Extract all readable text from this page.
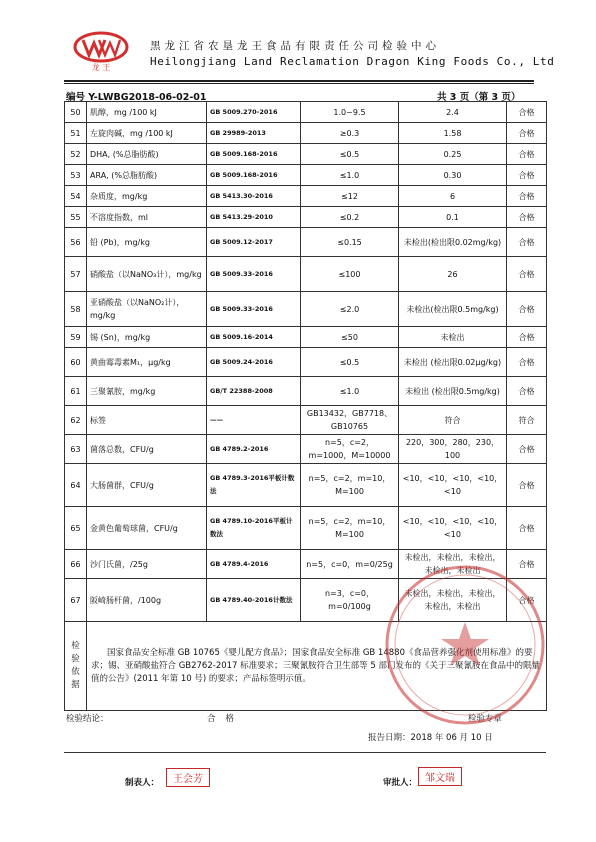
龙 王
黑龙江省农垦龙王食品有限责任公司检验中心
Heilongjiang Land Reclamation Dragon King Foods Co., Ltd
编号 Y-LWBG2018-06-02-01	共 3 页（第 3 页）
50	肌醇，mg /100 kJ	GB 5009.270-2016	1.0~9.5	2.4	合格
51	左旋肉碱，mg /100 kJ	GB 29989-2013	≥0.3	1.58	合格
52	DHA, (%总脂肪酸)	GB 5009.168-2016	≤0.5	0.25	合格
53	ARA, (%总脂肪酸)	GB 5009.168-2016	≤1.0	0.30	合格
54	杂质度，mg/kg	GB 5413.30-2016	≤12	6	合格
55	不溶度指数，ml	GB 5413.29-2010	≤0.2	0.1	合格
56	铅 (Pb)，mg/kg	GB 5009.12-2017	≤0.15	未检出(检出限0.02mg/kg)	合格
57	硝酸盐（以NaNO₃计），mg/kg	GB 5009.33-2016	≤100	26	合格
58	亚硝酸盐（以NaNO₂计），mg/kg	GB 5009.33-2016	≤2.0	未检出(检出限0.5mg/kg)	合格
59	锡 (Sn)，mg/kg	GB 5009.16-2014	≤50	未检出	合格
60	黄曲霉毒素M₁，μg/kg	GB 5009.24-2016	≤0.5	未检出 (检出限0.02μg/kg)	合格
61	三聚氰胺，mg/kg	GB/T 22388-2008	≤1.0	未检出 (检出限0.5mg/kg)	合格
62	标签	——	GB13432，GB7718、GB10765	符合	符合
63	菌落总数，CFU/g	GB 4789.2-2016	n=5，c=2，m=1000，M=10000	220，300，280，230，100	合格
64	大肠菌群，CFU/g	GB 4789.3-2016平板计数法	n=5，c=2，m=10，M=100	<10，<10，<10，<10，<10	合格
65	金黄色葡萄球菌，CFU/g	GB 4789.10-2016平板计数法	n=5，c=2，m=10，M=100	<10，<10，<10，<10，<10	合格
66	沙门氏菌，/25g	GB 4789.4-2016	n=5，c=0，m=0/25g	未检出，未检出，未检出，未检出，未检出	合格
67	阪崎肠杆菌，/100g	GB 4789.40-2016计数法	n=3，c=0，m=0/100g	未检出，未检出，未检出，未检出，未检出	合格
检验依据	国家食品安全标准 GB 10765《婴儿配方食品》；国家食品安全标准 GB 14880《食品营养强化剂使用标准》的要求；锡、亚硝酸盐符合 GB2762-2017 标准要求；三聚氰胺符合卫生部等 5 部门发布的《关于三聚氰胺在食品中的限量值的公告》(2011 年第 10 号) 的要求；产品标签明示值。				
检验结论：	合格	检验专章
报告日期：2018 年 06 月 10 日
制表人：	王会芳	审批人： 邹文瑞
